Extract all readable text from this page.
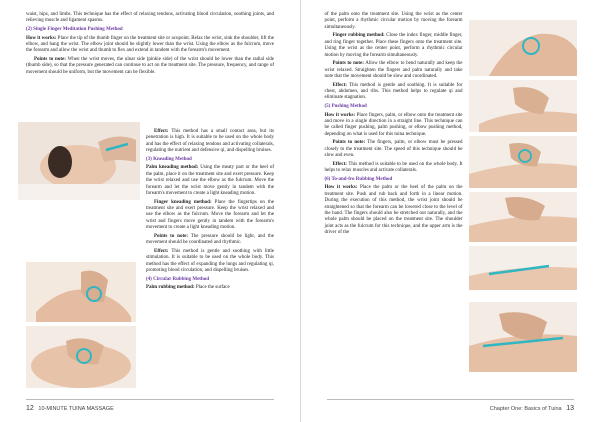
waist, hips, and limbs. This technique has the effect of relaxing tendons, activating blood circulation, soothing joints, and relieving muscle and ligament spasms.

(2) Single Finger Meditation Pushing Method

How it works: Place the tip of the thumb finger on the treatment site or acupoint. Relax the wrist, sink the shoulder, lift the elbow, and hang the wrist. The elbow joint should be slightly lower than the wrist. Using the elbow as the fulcrum, move the forearm and allow the wrist and thumb to flex and extend in tandem with the forearm's movement.

Points to note: When the wrist moves, the ulnar side (pinkie side) of the wrist should be lower than the radial side (thumb side), so that the pressure generated can continue to act on the treatment site. The pressure, frequency, and range of movement should be uniform, but the movement can be flexible.

Effect: This method has a small contact area, but its penetration is high. It is suitable to be used on the whole body and has the effect of relaxing tendons and activating collaterals, regulating the nutrient and defensive qi, and dispelling bruises.

(3) Kneading Method

Palm kneading method: Using the meaty part or the heel of the palm, place it on the treatment site and exert pressure. Keep the wrist relaxed and use the elbow as the fulcrum. Move the forearm and let the wrist move gently in tandem with the forearm's movement to create a light kneading motion.

Finger kneading method: Place the fingertips on the treatment site and exert pressure. Keep the wrist relaxed and use the elbow as the fulcrum. Move the forearm and let the wrist and fingers move gently in tandem with the forearm's movement to create a light kneading motion.

Points to note: The pressure should be light, and the movement should be coordinated and rhythmic.

Effect: This method is gentle and soothing with little stimulation. It is suitable to be used on the whole body. This method has the effect of expanding the lungs and regulating qi, promoting blood circulation, and dispelling bruises.

(4) Circular Rubbing Method

Palm rubbing method: Place the surface

12 10-MINUTE TUINA MASSAGE

of the palm onto the treatment site. Using the wrist as the center point, perform a rhythmic circular motion by moving the forearm simultaneously.

Finger rubbing method: Close the index finger, middle finger, and ring finger together. Place these fingers onto the treatment site. Using the wrist as the center point, perform a rhythmic circular motion by moving the forearm simultaneously.

Points to note: Allow the elbow to bend naturally and keep the wrist relaxed. Straighten the fingers and palm naturally and take note that the movement should be slow and coordinated.

Effect: This method is gentle and soothing. It is suitable for chest, abdomen, and ribs. This method helps to regulate qi and eliminate stagnation.

(5) Pushing Method

How it works: Place fingers, palm, or elbow onto the treatment site and move in a single direction in a straight line. This technique can be called finger pushing, palm pushing, or elbow pushing method, depending on what is used for this tuina technique.

Points to note: The fingers, palm, or elbow must be pressed closely to the treatment site. The speed of this technique should be slow and even.

Effect: This method is suitable to be used on the whole body. It helps to relax muscles and activate collaterals.

(6) To-and-fro Rubbing Method

How it works: Place the palm or the heel of the palm on the treatment site. Push and rub back and forth in a linear motion. During the execution of this method, the wrist joint should be straightened so that the forearm can be lowered close to the level of the hand. The fingers should also be stretched out naturally, and the whole palm should be placed on the treatment site. The shoulder joint acts as the fulcrum for this technique, and the upper arm is the driver of the

Chapter One: Basics of Tuina 13
